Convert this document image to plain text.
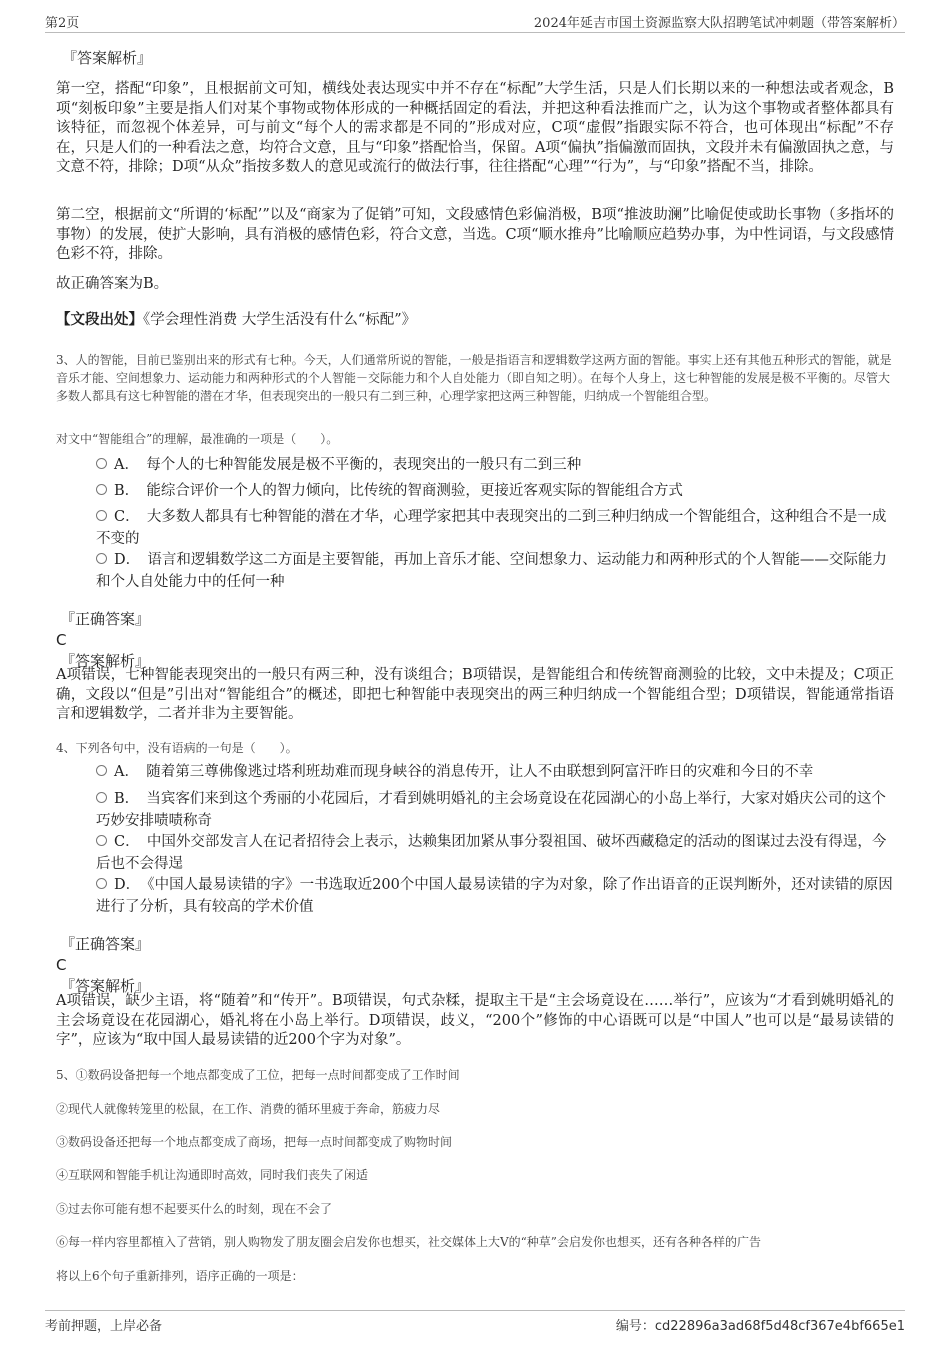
第2页	2024年延吉市国土资源监察大队招聘笔试冲刺题（带答案解析）
『答案解析』

第一空，搭配“印象”，且根据前文可知，横线处表达现实中并不存在“标配”大学生活，只是人们长期以来的一种想法或者观念，B项“刻板印象”主要是指人们对某个事物或物体形成的一种概括固定的看法，并把这种看法推而广之，认为这个事物或者整体都具有该特征，而忽视个体差异，可与前文“每个人的需求都是不同的”形成对应，C项“虚假”指跟实际不符合，也可体现出“标配”不存在，只是人们的一种看法之意，均符合文意，且与“印象”搭配恰当，保留。A项“偏执”指偏激而固执，文段并未有偏激固执之意，与文意不符，排除；D项“从众”指按多数人的意见或流行的做法行事，往往搭配“心理”“行为”，与“印象”搭配不当，排除。

第二空，根据前文“所谓的‘标配’”以及“商家为了促销”可知，文段感情色彩偏消极，B项“推波助澜”比喻促使或助长事物（多指坏的事物）的发展，使扩大影响，具有消极的感情色彩，符合文意，当选。C项“顺水推舟”比喻顺应趋势办事，为中性词语，与文段感情色彩不符，排除。

故正确答案为B。

【文段出处】《学会理性消费 大学生活没有什么“标配”》

3、人的智能，目前已鉴别出来的形式有七种。今天，人们通常所说的智能，一般是指语言和逻辑数学这两方面的智能。事实上还有其他五种形式的智能，就是音乐才能、空间想象力、运动能力和两种形式的个人智能－交际能力和个人自处能力（即自知之明）。在每个人身上，这七种智能的发展是极不平衡的。尽管大多数人都具有这七种智能的潜在才华，但表现突出的一般只有二到三种，心理学家把这两三种智能，归纳成一个智能组合型。

对文中“智能组合”的理解，最准确的一项是（　　）。

A．　每个人的七种智能发展是极不平衡的，表现突出的一般只有二到三种
B．　能综合评价一个人的智力倾向，比传统的智商测验，更接近客观实际的智能组合方式
C．　大多数人都具有七种智能的潜在才华，心理学家把其中表现突出的二到三种归纳成一个智能组合，这种组合不是一成不变的
D．　语言和逻辑数学这二方面是主要智能，再加上音乐才能、空间想象力、运动能力和两种形式的个人智能——交际能力和个人自处能力中的任何一种
『正确答案』
C
『答案解析』

A项错误，七种智能表现突出的一般只有两三种，没有谈组合；B项错误，是智能组合和传统智商测验的比较，文中未提及；C项正确，文段以“但是”引出对“智能组合”的概述，即把七种智能中表现突出的两三种归纳成一个智能组合型；D项错误，智能通常指语言和逻辑数学，二者并非为主要智能。

4、下列各句中，没有语病的一句是（　　）。

A．　随着第三尊佛像逃过塔利班劫难而现身峡谷的消息传开，让人不由联想到阿富汗昨日的灾难和今日的不幸
B．　当宾客们来到这个秀丽的小花园后，才看到姚明婚礼的主会场竟设在花园湖心的小岛上举行，大家对婚庆公司的这个巧妙安排啧啧称奇
C．　中国外交部发言人在记者招待会上表示，达赖集团加紧从事分裂祖国、破坏西藏稳定的活动的图谋过去没有得逞，今后也不会得逞
D．　《中国人最易读错的字》一书选取近200个中国人最易读错的字为对象，除了作出语音的正误判断外，还对读错的原因进行了分析，具有较高的学术价值
『正确答案』
C
『答案解析』

A项错误，缺少主语，将“随着”和“传开”。B项错误，句式杂糅，提取主干是“主会场竟设在……举行”，应该为“才看到姚明婚礼的主会场竟设在花园湖心，婚礼将在小岛上举行。D项错误，歧义，“200个”修饰的中心语既可以是“中国人”也可以是“最易读错的字”，应该为“取中国人最易读错的近200个字为对象”。

5、①数码设备把每一个地点都变成了工位，把每一点时间都变成了工作时间

②现代人就像转笼里的松鼠，在工作、消费的循环里疲于奔命，筋疲力尽

③数码设备还把每一个地点都变成了商场，把每一点时间都变成了购物时间

④互联网和智能手机让沟通即时高效，同时我们丧失了闲适

⑤过去你可能有想不起要买什么的时刻，现在不会了

⑥每一样内容里都植入了营销，别人购物发了朋友圈会启发你也想买，社交媒体上大V的“种草”会启发你也想买，还有各种各样的广告

将以上6个句子重新排列，语序正确的一项是：

考前押题，上岸必备	编号：cd22896a3ad68f5d48cf367e4bf665e1
